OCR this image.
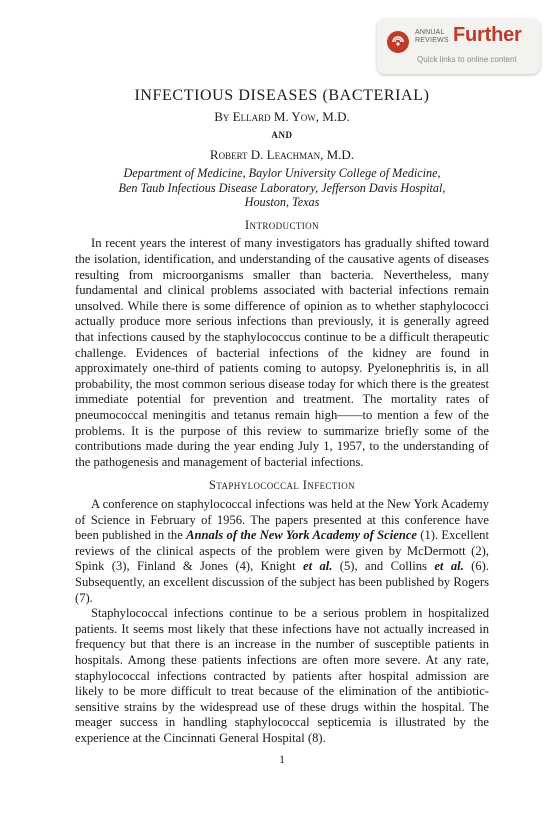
ANNUAL
REVIEWS Further
Quick links to online content
INFECTIOUS DISEASES (BACTERIAL)
By Ellard M. Yow, M.D.
AND
Robert D. Leachman, M.D.
Department of Medicine, Baylor University College of Medicine,
Ben Taub Infectious Disease Laboratory, Jefferson Davis Hospital,
Houston, Texas
Introduction

In recent years the interest of many investigators has gradually shifted toward the isolation, identification, and understanding of the causative agents of diseases resulting from microorganisms smaller than bacteria. Nevertheless, many fundamental and clinical problems associated with bacterial infections remain unsolved. While there is some difference of opinion as to whether staphylococci actually produce more serious infections than previously, it is generally agreed that infections caused by the staphylococcus continue to be a difficult therapeutic challenge. Evidences of bacterial infections of the kidney are found in approximately one-third of patients coming to autopsy. Pyelonephritis is, in all probability, the most common serious disease today for which there is the greatest immediate potential for prevention and treatment. The mortality rates of pneumococcal meningitis and tetanus remain high——to mention a few of the problems. It is the purpose of this review to summarize briefly some of the contributions made during the year ending July 1, 1957, to the understanding of the pathogenesis and management of bacterial infections.

Staphylococcal Infection

A conference on staphylococcal infections was held at the New York Academy of Science in February of 1956. The papers presented at this conference have been published in the Annals of the New York Academy of Science (1). Excellent reviews of the clinical aspects of the problem were given by McDermott (2), Spink (3), Finland & Jones (4), Knight et al. (5), and Collins et al. (6). Subsequently, an excellent discussion of the subject has been published by Rogers (7).

Staphylococcal infections continue to be a serious problem in hospitalized patients. It seems most likely that these infections have not actually increased in frequency but that there is an increase in the number of susceptible patients in hospitals. Among these patients infections are often more severe. At any rate, staphylococcal infections contracted by patients after hospital admission are likely to be more difficult to treat because of the elimination of the antibiotic-sensitive strains by the widespread use of these drugs within the hospital. The meager success in handling staphylococcal septicemia is illustrated by the experience at the Cincinnati General Hospital (8).

1
